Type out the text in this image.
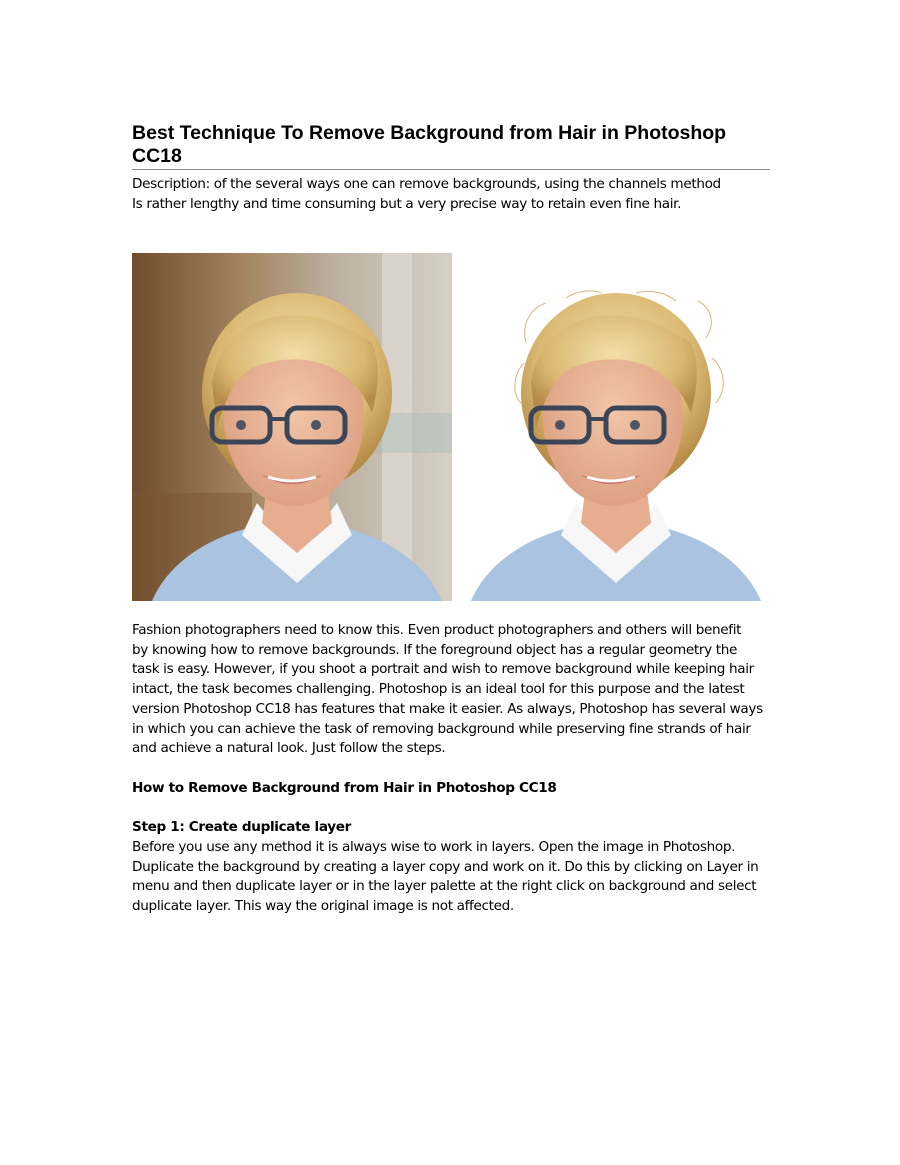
Best Technique To Remove Background from Hair in Photoshop CC18

Description: of the several ways one can remove backgrounds, using the channels method
Is rather lengthy and time consuming but a very precise way to retain even fine hair.

Fashion photographers need to know this. Even product photographers and others will benefit
by knowing how to remove backgrounds. If the foreground object has a regular geometry the
task is easy. However, if you shoot a portrait and wish to remove background while keeping hair
intact, the task becomes challenging. Photoshop is an ideal tool for this purpose and the latest
version Photoshop CC18 has features that make it easier. As always, Photoshop has several ways
in which you can achieve the task of removing background while preserving fine strands of hair
and achieve a natural look. Just follow the steps.

How to Remove Background from Hair in Photoshop CC18

Step 1: Create duplicate layer

Before you use any method it is always wise to work in layers. Open the image in Photoshop.
Duplicate the background by creating a layer copy and work on it. Do this by clicking on Layer in
menu and then duplicate layer or in the layer palette at the right click on background and select
duplicate layer. This way the original image is not affected.
